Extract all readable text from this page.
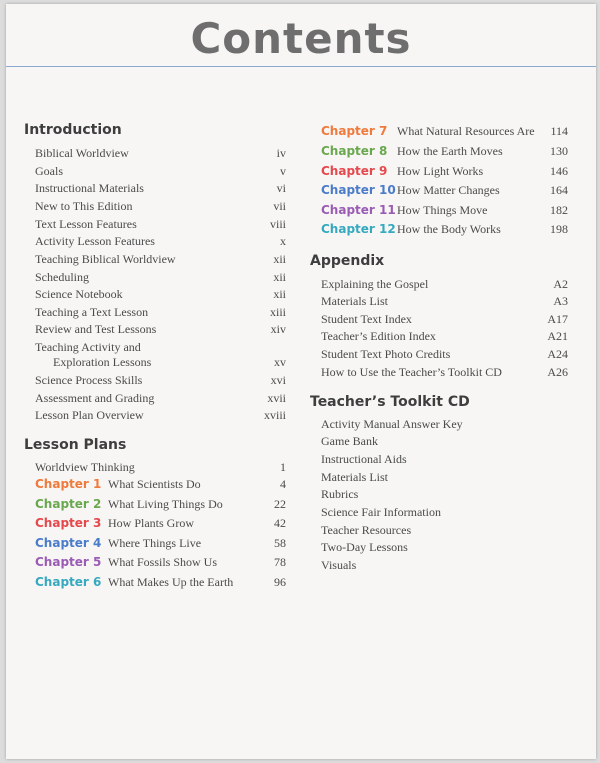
Contents
Introduction
Biblical Worldview	iv
Goals	v
Instructional Materials	vi
New to This Edition	vii
Text Lesson Features	viii
Activity Lesson Features	x
Teaching Biblical Worldview	xii
Scheduling	xii
Science Notebook	xii
Teaching a Text Lesson	xiii
Review and Test Lessons	xiv
Teaching Activity and
Exploration Lessons	xv
Science Process Skills	xvi
Assessment and Grading	xvii
Lesson Plan Overview	xviii
Lesson Plans
Worldview Thinking	1
Chapter 1 What Scientists Do	4
Chapter 2 What Living Things Do	22
Chapter 3 How Plants Grow	42
Chapter 4 Where Things Live	58
Chapter 5 What Fossils Show Us	78
Chapter 6 What Makes Up the Earth	96
Chapter 7 What Natural Resources Are 114
Chapter 8 How the Earth Moves	130
Chapter 9 How Light Works	146
Chapter 10 How Matter Changes	164
Chapter 11 How Things Move	182
Chapter 12 How the Body Works	198
Appendix
Explaining the Gospel	A2
Materials List	A3
Student Text Index	A17
Teacher’s Edition Index	A21
Student Text Photo Credits	A24
How to Use the Teacher’s Toolkit CD	A26
Teacher’s Toolkit CD
Activity Manual Answer Key
Game Bank
Instructional Aids
Materials List
Rubrics
Science Fair Information
Teacher Resources
Two-Day Lessons
Visuals
